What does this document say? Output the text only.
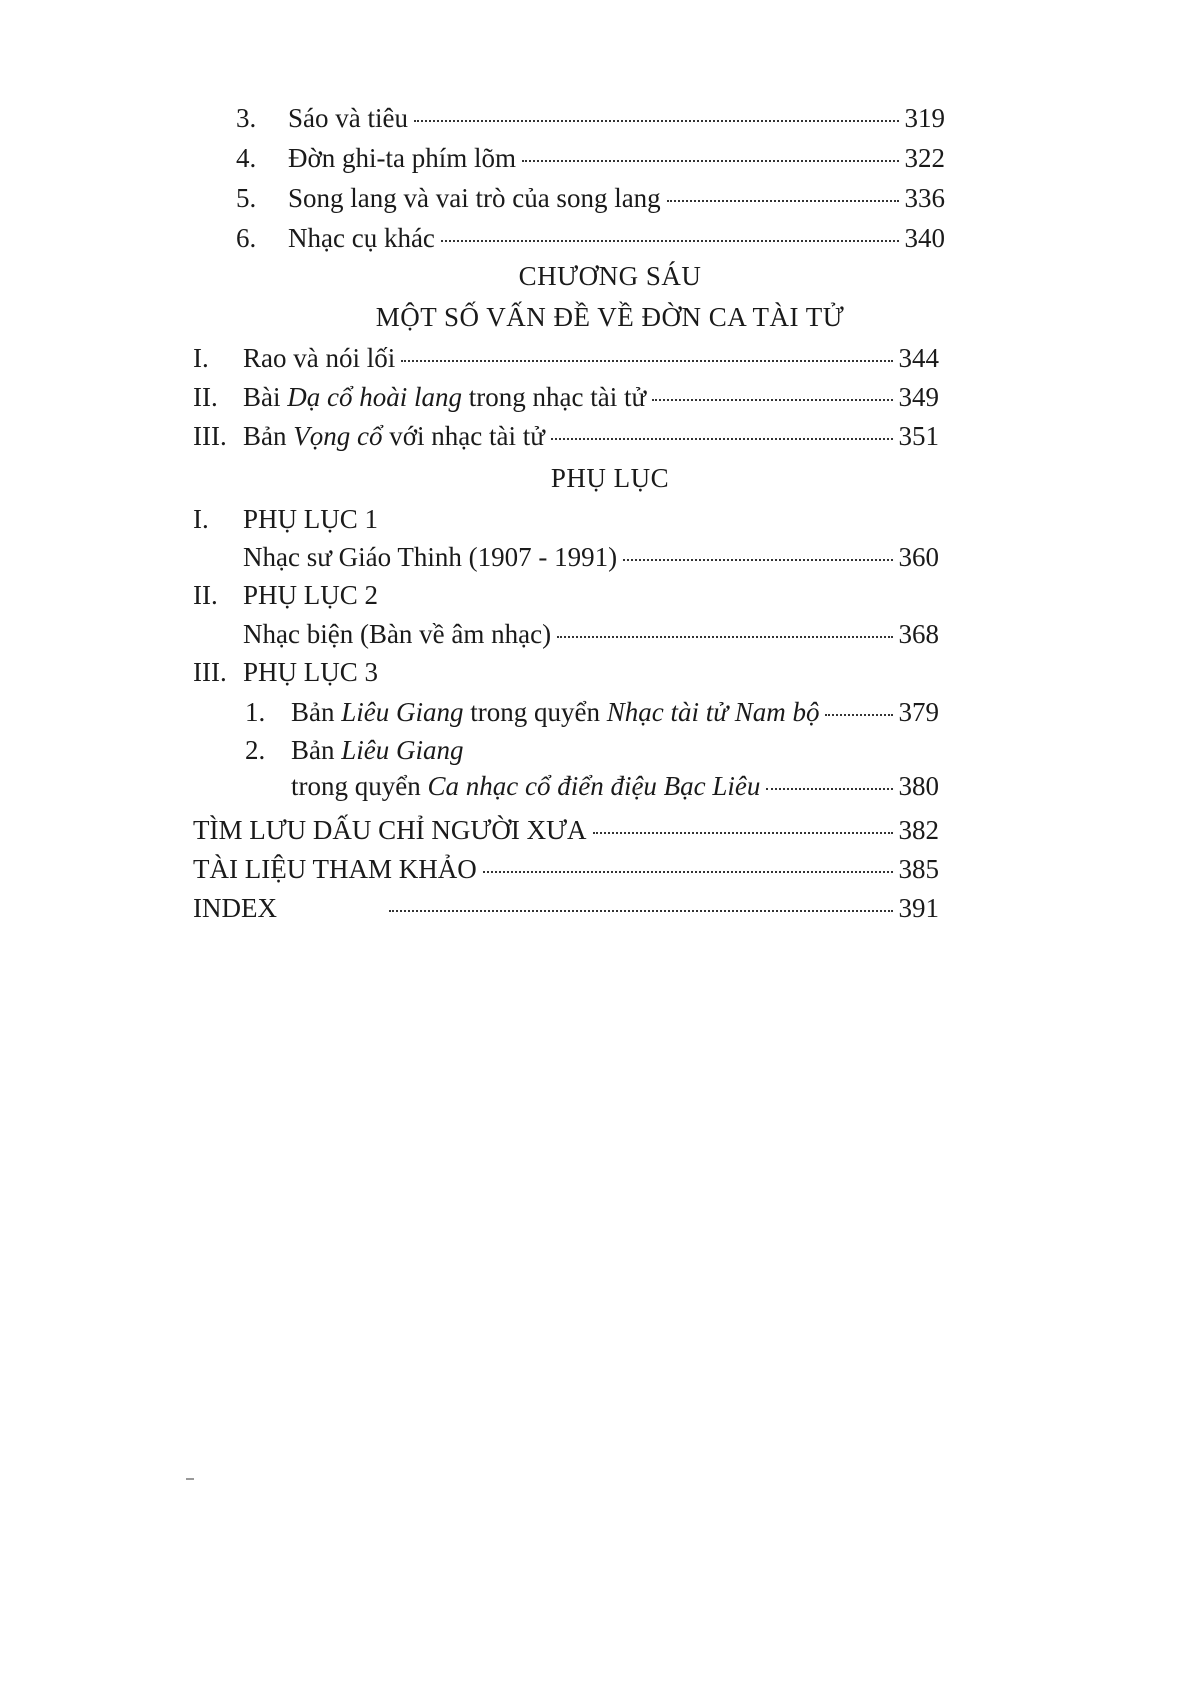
3.	Sáo và tiêu	319
4.	Đờn ghi-ta phím lõm	322
5.	Song lang và vai trò của song lang	336
6.	Nhạc cụ khác	340
CHƯƠNG SÁU
MỘT SỐ VẤN ĐỀ VỀ ĐỜN CA TÀI TỬ
I.	Rao và nói lối	344
II. Bài Dạ cổ hoài lang trong nhạc tài tử	349
III. Bản Vọng cổ với nhạc tài tử	351
PHỤ LỤC
I.	PHỤ LỤC 1
Nhạc sư Giáo Thinh (1907 - 1991)	360
II. PHỤ LỤC 2
Nhạc biện (Bàn về âm nhạc)	368
III. PHỤ LỤC 3
1. Bản Liêu Giang trong quyển Nhạc tài tử Nam bộ	379
2. Bản Liêu Giang
trong quyển Ca nhạc cổ điển điệu Bạc Liêu	380
TÌM LƯU DẤU CHỈ NGƯỜI XƯA	382
TÀI LIỆU THAM KHẢO	385
INDEX	391
